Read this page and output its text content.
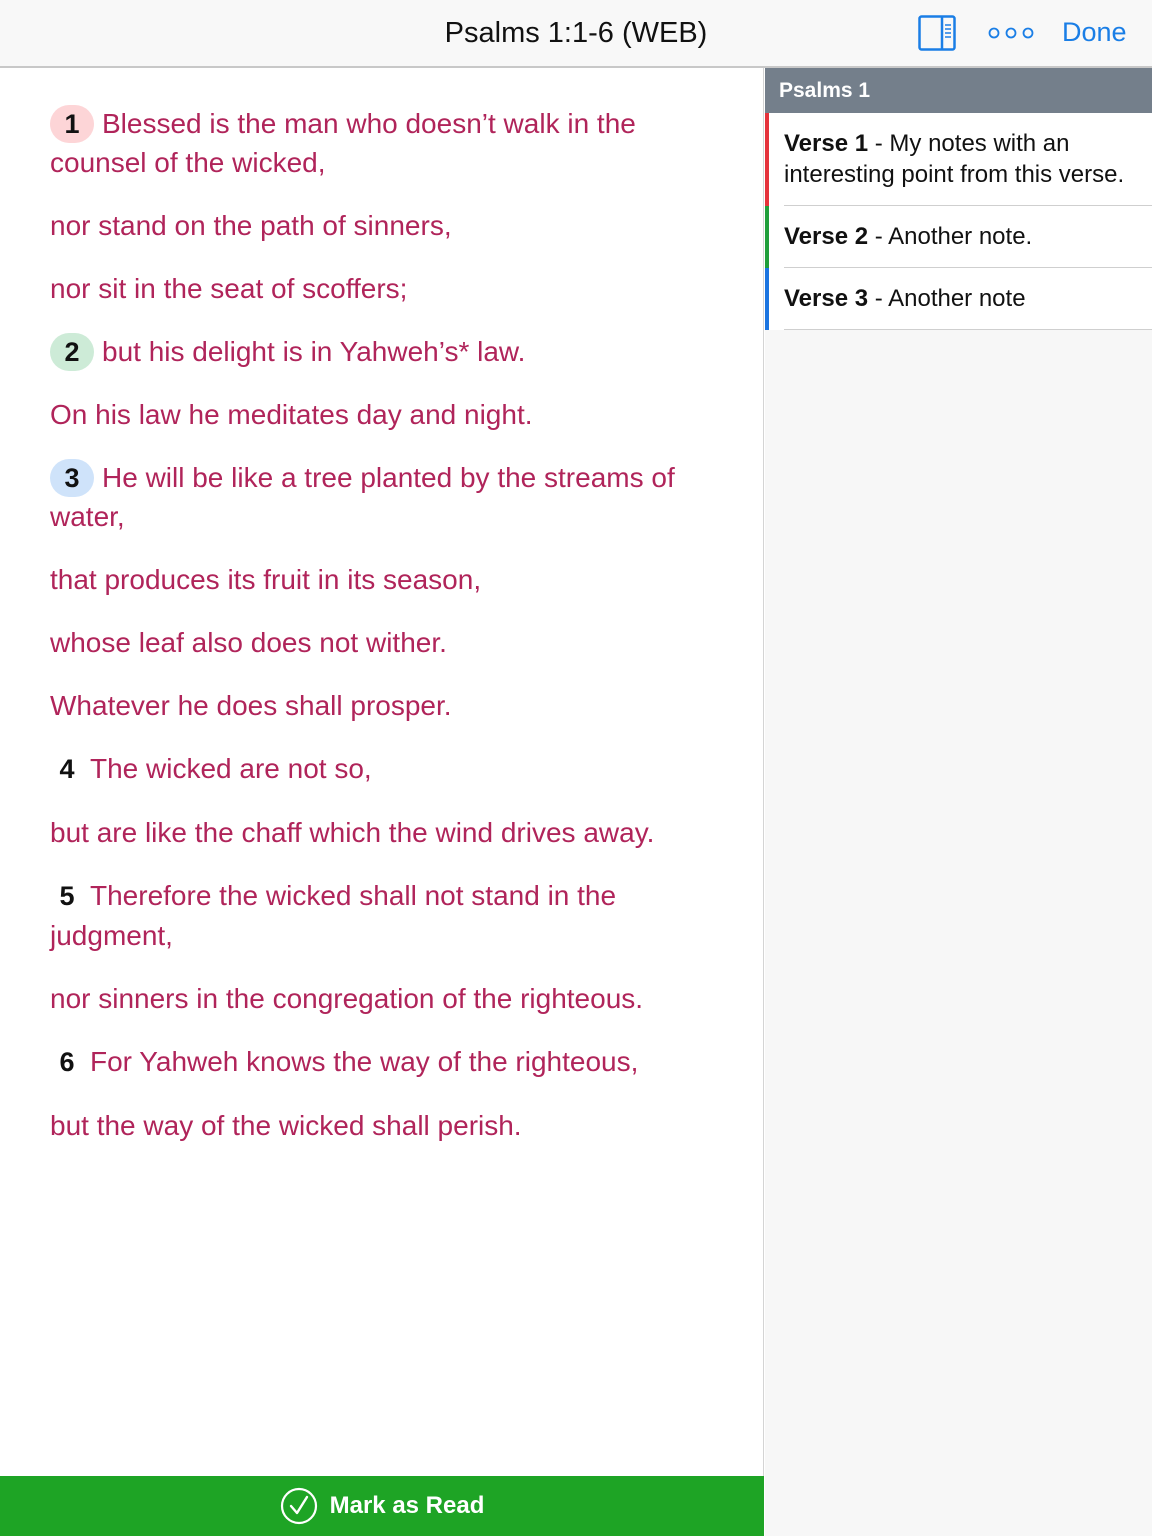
Psalms 1:1-6 (WEB)	Done
1 Blessed is the man who doesn’t walk in the counsel of the wicked,
nor stand on the path of sinners,
nor sit in the seat of scoffers;
2 but his delight is in Yahweh’s* law.
On his law he meditates day and night.
3 He will be like a tree planted by the streams of water,
that produces its fruit in its season,
whose leaf also does not wither.
Whatever he does shall prosper.
4 The wicked are not so,
but are like the chaff which the wind drives away.
5 Therefore the wicked shall not stand in the judgment,
nor sinners in the congregation of the righteous.
6 For Yahweh knows the way of the righteous,
but the way of the wicked shall perish.
Psalms 1
Verse 1 - My notes with an interesting point from this verse.
Verse 2 - Another note.
Verse 3 - Another note
Mark as Read
